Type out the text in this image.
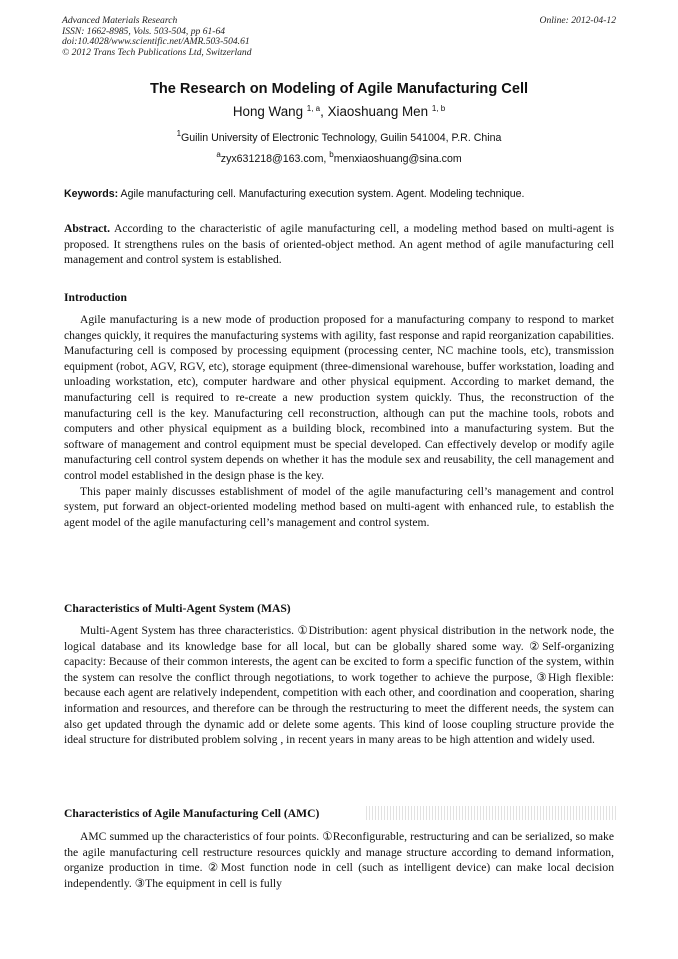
Advanced Materials Research
ISSN: 1662-8985, Vols. 503-504, pp 61-64
doi:10.4028/www.scientific.net/AMR.503-504.61
© 2012 Trans Tech Publications Ltd, Switzerland
Online: 2012-04-12
The Research on Modeling of Agile Manufacturing Cell
Hong Wang $^{1, a}$, Xiaoshuang Men $^{1, b}$
$^1$Guilin University of Electronic Technology, Guilin 541004, P.R. China
$^a$zyx631218@163.com, $^b$menxiaoshuang@sina.com
Keywords: Agile manufacturing cell. Manufacturing execution system. Agent. Modeling technique.

Abstract. According to the characteristic of agile manufacturing cell, a modeling method based on multi-agent is proposed. It strengthens rules on the basis of oriented-object method. An agent method of agile manufacturing cell management and control system is established.

Introduction

Agile manufacturing is a new mode of production proposed for a manufacturing company to respond to market changes quickly, it requires the manufacturing systems with agility, fast response and rapid reorganization capabilities. Manufacturing cell is composed by processing equipment (processing center, NC machine tools, etc), transmission equipment (robot, AGV, RGV, etc), storage equipment (three-dimensional warehouse, buffer workstation, loading and unloading workstation, etc), computer hardware and other physical equipment. According to market demand, the manufacturing cell is required to re-create a new production system quickly. Thus, the reconstruction of the manufacturing cell is the key. Manufacturing cell reconstruction, although can put the machine tools, robots and computers and other physical equipment as a building block, recombined into a manufacturing system. But the software of management and control equipment must be special developed. Can effectively develop or modify agile manufacturing cell control system depends on whether it has the module sex and reusability, the cell management and control model established in the design phase is the key.

This paper mainly discusses establishment of model of the agile manufacturing cell’s management and control system, put forward an object-oriented modeling method based on multi-agent with enhanced rule, to establish the agent model of the agile manufacturing cell’s management and control system.

Characteristics of Multi-Agent System (MAS)

Multi-Agent System has three characteristics. ①Distribution: agent physical distribution in the network node, the logical database and its knowledge base for all local, but can be globally shared some way. ②Self-organizing capacity: Because of their common interests, the agent can be excited to form a specific function of the system, within the system can resolve the conflict through negotiations, to work together to achieve the purpose, ③High flexible: because each agent are relatively independent, competition with each other, and coordination and cooperation, sharing information and resources, and therefore can be through the restructuring to meet the different needs, the system can also get updated through the dynamic add or delete some agents. This kind of loose coupling structure provide the ideal structure for distributed problem solving , in recent years in many areas to be high attention and widely used.

Characteristics of Agile Manufacturing Cell (AMC)

AMC summed up the characteristics of four points. ①Reconfigurable, restructuring and can be serialized, so make the agile manufacturing cell restructure resources quickly and manage structure according to demand information, organize production in time. ②Most function node in cell (such as intelligent device) can make local decision independently. ③The equipment in cell is fully
